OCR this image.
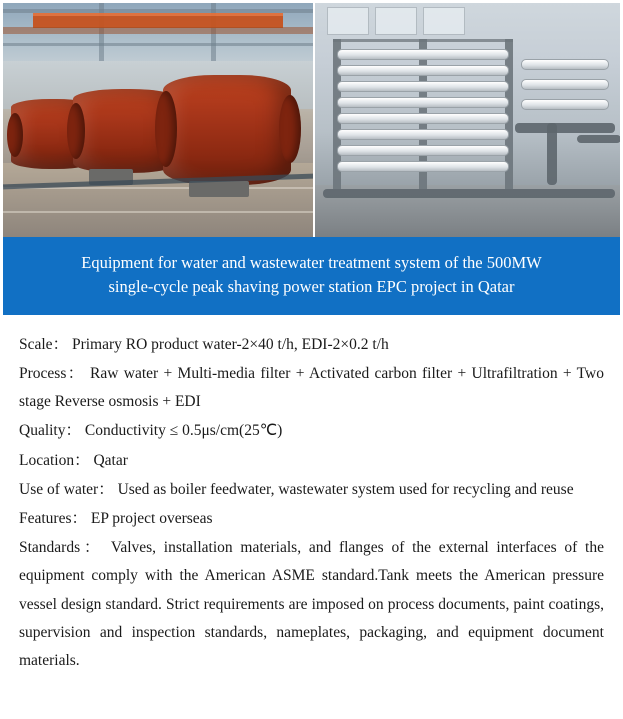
Equipment for water and wastewater treatment system of the 500MW
single-cycle peak shaving power station EPC project in Qatar

Scale： Primary RO product water-2×40 t/h, EDI-2×0.2 t/h

Process： Raw water + Multi-media filter + Activated carbon filter + Ultrafiltration + Two stage Reverse osmosis + EDI

Quality： Conductivity ≤ 0.5μs/cm(25℃)

Location： Qatar

Use of water： Used as boiler feedwater, wastewater system used for recycling and reuse

Features： EP project overseas

Standards： Valves, installation materials, and flanges of the external interfaces of the equipment comply with the American ASME standard.Tank meets the American pressure vessel design standard. Strict requirements are imposed on process documents, paint coatings, supervision and inspection standards, nameplates, packaging, and equipment document materials.
